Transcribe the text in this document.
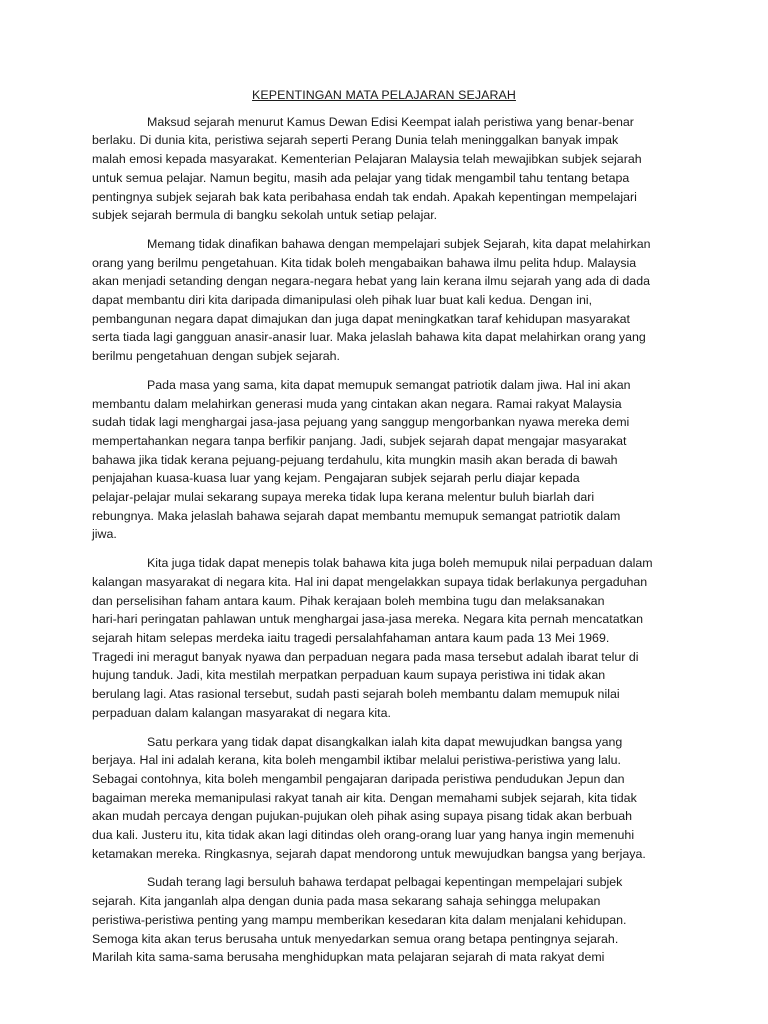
KEPENTINGAN MATA PELAJARAN SEJARAH
Maksud sejarah menurut Kamus Dewan Edisi Keempat ialah peristiwa yang benar-benar
berlaku. Di dunia kita, peristiwa sejarah seperti Perang Dunia telah meninggalkan banyak impak
malah emosi kepada masyarakat. Kementerian Pelajaran Malaysia telah mewajibkan subjek sejarah
untuk semua pelajar. Namun begitu, masih ada pelajar yang tidak mengambil tahu tentang betapa
pentingnya subjek sejarah bak kata peribahasa endah tak endah. Apakah kepentingan mempelajari
subjek sejarah bermula di bangku sekolah untuk setiap pelajar.
Memang tidak dinafikan bahawa dengan mempelajari subjek Sejarah, kita dapat melahirkan
orang yang berilmu pengetahuan. Kita tidak boleh mengabaikan bahawa ilmu pelita hdup. Malaysia
akan menjadi setanding dengan negara-negara hebat yang lain kerana ilmu sejarah yang ada di dada
dapat membantu diri kita daripada dimanipulasi oleh pihak luar buat kali kedua. Dengan ini,
pembangunan negara dapat dimajukan dan juga dapat meningkatkan taraf kehidupan masyarakat
serta tiada lagi gangguan anasir-anasir luar. Maka jelaslah bahawa kita dapat melahirkan orang yang
berilmu pengetahuan dengan subjek sejarah.
Pada masa yang sama, kita dapat memupuk semangat patriotik dalam jiwa. Hal ini akan
membantu dalam melahirkan generasi muda yang cintakan akan negara. Ramai rakyat Malaysia
sudah tidak lagi menghargai jasa-jasa pejuang yang sanggup mengorbankan nyawa mereka demi
mempertahankan negara tanpa berfikir panjang. Jadi, subjek sejarah dapat mengajar masyarakat
bahawa jika tidak kerana pejuang-pejuang terdahulu, kita mungkin masih akan berada di bawah
penjajahan kuasa-kuasa luar yang kejam. Pengajaran subjek sejarah perlu diajar kepada
pelajar-pelajar mulai sekarang supaya mereka tidak lupa kerana melentur buluh biarlah dari
rebungnya. Maka jelaslah bahawa sejarah dapat membantu memupuk semangat patriotik dalam
jiwa.
Kita juga tidak dapat menepis tolak bahawa kita juga boleh memupuk nilai perpaduan dalam
kalangan masyarakat di negara kita. Hal ini dapat mengelakkan supaya tidak berlakunya pergaduhan
dan perselisihan faham antara kaum. Pihak kerajaan boleh membina tugu dan melaksanakan
hari-hari peringatan pahlawan untuk menghargai jasa-jasa mereka. Negara kita pernah mencatatkan
sejarah hitam selepas merdeka iaitu tragedi persalahfahaman antara kaum pada 13 Mei 1969.
Tragedi ini meragut banyak nyawa dan perpaduan negara pada masa tersebut adalah ibarat telur di
hujung tanduk. Jadi, kita mestilah merpatkan perpaduan kaum supaya peristiwa ini tidak akan
berulang lagi. Atas rasional tersebut, sudah pasti sejarah boleh membantu dalam memupuk nilai
perpaduan dalam kalangan masyarakat di negara kita.
Satu perkara yang tidak dapat disangkalkan ialah kita dapat mewujudkan bangsa yang
berjaya. Hal ini adalah kerana, kita boleh mengambil iktibar melalui peristiwa-peristiwa yang lalu.
Sebagai contohnya, kita boleh mengambil pengajaran daripada peristiwa pendudukan Jepun dan
bagaiman mereka memanipulasi rakyat tanah air kita. Dengan memahami subjek sejarah, kita tidak
akan mudah percaya dengan pujukan-pujukan oleh pihak asing supaya pisang tidak akan berbuah
dua kali. Justeru itu, kita tidak akan lagi ditindas oleh orang-orang luar yang hanya ingin memenuhi
ketamakan mereka. Ringkasnya, sejarah dapat mendorong untuk mewujudkan bangsa yang berjaya.
Sudah terang lagi bersuluh bahawa terdapat pelbagai kepentingan mempelajari subjek
sejarah. Kita janganlah alpa dengan dunia pada masa sekarang sahaja sehingga melupakan
peristiwa-peristiwa penting yang mampu memberikan kesedaran kita dalam menjalani kehidupan.
Semoga kita akan terus berusaha untuk menyedarkan semua orang betapa pentingnya sejarah.
Marilah kita sama-sama berusaha menghidupkan mata pelajaran sejarah di mata rakyat demi
